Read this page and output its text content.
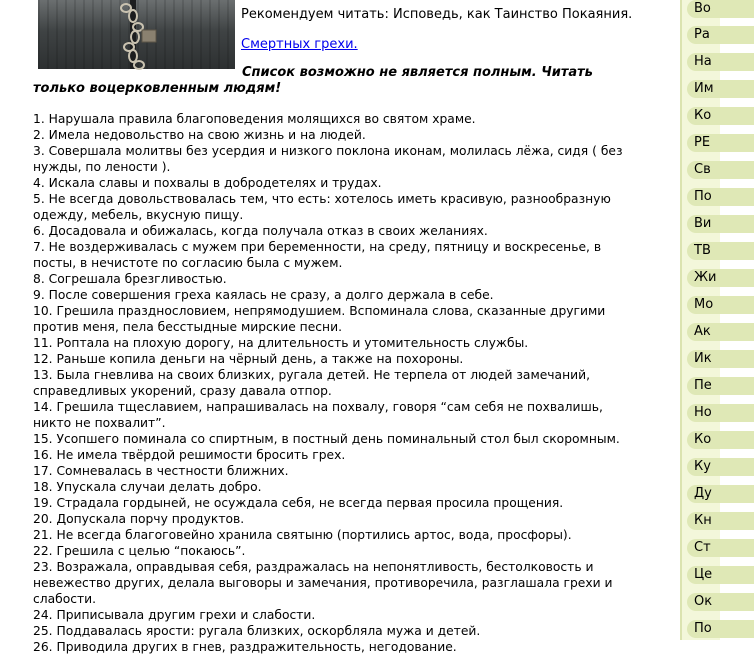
Рекомендуем читать: Исповедь, как Таинство Покаяния.
Смертных грехи.
Список возможно не является полным. Читать только воцерковленным людям!
1. Нарушала правила благоповедения молящихся во святом храме.
2. Имела недовольство на свою жизнь и на людей.
3. Совершала молитвы без усердия и низкого поклона иконам, молилась лёжа, сидя ( без нужды, по лености ).
4. Искала славы и похвалы в добродетелях и трудах.
5. Не всегда довольствовалась тем, что есть: хотелось иметь красивую, разнообразную одежду, мебель, вкусную пищу.
6. Досадовала и обижалась, когда получала отказ в своих желаниях.
7. Не воздерживалась с мужем при беременности, на среду, пятницу и воскресенье, в посты, в нечистоте по согласию была с мужем.
8. Согрешала брезгливостью.
9. После совершения греха каялась не сразу, а долго держала в себе.
10. Грешила празднословием, непрямодушием. Вспоминала слова, сказанные другими против меня, пела бесстыдные мирские песни.
11. Роптала на плохую дорогу, на длительность и утомительность службы.
12. Раньше копила деньги на чёрный день, а также на похороны.
13. Была гневлива на своих близких, ругала детей. Не терпела от людей замечаний, справедливых укорений, сразу давала отпор.
14. Грешила тщеславием, напрашивалась на похвалу, говоря “сам себя не похвалишь, никто не похвалит”.
15. Усопшего поминала со спиртным, в постный день поминальный стол был скоромным.
16. Не имела твёрдой решимости бросить грех.
17. Сомневалась в честности ближних.
18. Упускала случаи делать добро.
19. Страдала гордыней, не осуждала себя, не всегда первая просила прощения.
20. Допускала порчу продуктов.
21. Не всегда благоговейно хранила святыню (портились артос, вода, просфоры).
22. Грешила с целью “покаюсь”.
23. Возражала, оправдывая себя, раздражалась на непонятливость, бестолковость и невежество других, делала выговоры и замечания, противоречила, разглашала грехи и слабости.
24. Приписывала другим грехи и слабости.
25. Поддавалась ярости: ругала близких, оскорбляла мужа и детей.
26. Приводила других в гнев, раздражительность, негодование.
Во
Ра
На
Им
Ко
РЕ
Св
По
Ви
ТВ
Жи
Мо
Ак
Ик
Пе
Но
Ко
Ку
Ду
Кн
Ст
Це
Ок
По
